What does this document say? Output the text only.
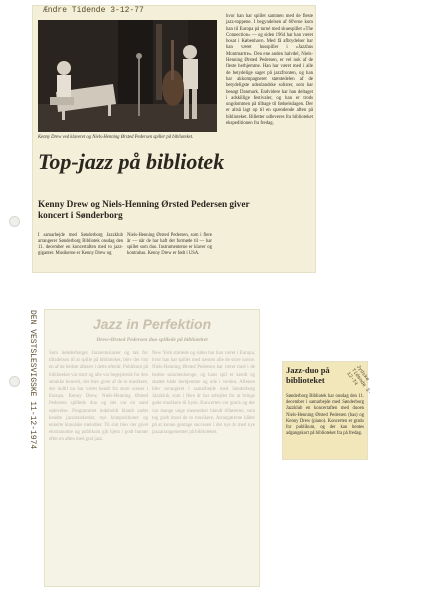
Ændre Tidende 3-12-77
Kenny Drew ved klaveret og Niels-Henning Ørsted Pedersen spiller på biblioteket.
Top-jazz på bibliotek
Kenny Drew og Niels-Henning Ørsted Pedersen giver koncert i Sønderborg
hvor han har spillet sammen med de fleste jazz-toppene. I begyndelsen af 60'erne kom han til Europa på turné med skuespillet »The Connection« — og siden 1964 har han været bosat i København. Med få afbrydelser har han været husspiller i »Jazzhus Montmartre«. Den ene anden halvdel, Niels-Henning Ørsted Pedersen, er vel nok af de fleste herhjemme. Han har været med i alle de betydelige sager på jazzfronten, og han har akkompagneret størstedelen af de betydeligste udenlandske solister, som har besøgt Danmark. Endvidere har han deltaget i adskillige festivaler, og han er trods ungdommen på tilbage til fødselsdagen. Der er altså lagt op til en spændende aften på biblioteket. Billetter udleveres fra biblioteket ekspeditionen fra fredag.
I samarbejde med Sønderborg Jazzklub arrangerer Sønderborg Bibliotek onsdag den 11. december en koncertaften med to jazz-giganter. Musikerne er Kenny Drew og
Niels-Henning Ørsted Pedersen, som i flere år — når de har haft det formøde til — har spillet som duo. Instrumenterne er klaver og kontrabas. Kenny Drew er født i USA.
DEN VESTSLESVIGSKE 11-12-1974	Jazz in Perfektion
Drew-Ørsted Pedersen duo spillede på biblioteket
Som Sønderborger Jazzentusiaster og tak for tilladelsen til at spille på biblioteket, blev det vist en af de bedste aftener i dette efterår. Publikum på biblioteket var stort og alle var begejstrede for den smukke koncert, der blev givet af de to musikere, der indtil nu har været kendt fra store scener i Europa. Kenny Drew, Niels-Henning Ørsted Pedersen spillede duo og det var en sand oplevelse. Programmet indeholdt blandt andet kendte jazzstandarder, nye kompositioner og enkelte klassiske melodier. Til slut blev der givet ekstranumre og publikum gik hjem i godt humør efter en aften med god jazz.
New York startede og siden har han været i Europa, hvor han har spillet med næsten alle de store navne. Niels-Henning Ørsted Pedersen har været med i de bedste sammenhænge, og hans spil er kendt og skattet både herhjemme og ude i verden. Aftenen blev arrangeret i samarbejde med Sønderborg Jazzklub, som i flere år har arbejdet for at bringe gode musikere til byen. Koncerten var gratis og der var mange unge mennesker blandt tilhørerne, som tog godt imod de to musikere. Arrangørerne håber på at kunne gentage succesen i det nye år med nye jazzarrangementer på biblioteket.
Jazz-duo på biblioteket
Sønderborg Bibliotek har onsdag den 11. december i samarbejde med Sønderborg Jazzklub en koncertaften med duoen Niels-Henning Ørsted Pedersen (bas) og Kenny Drew (piano). Koncerten er gratis for publikum, og der kan hentes adgangskort på biblioteket fra på fredag.
Jydske Tidende 3-12-74
